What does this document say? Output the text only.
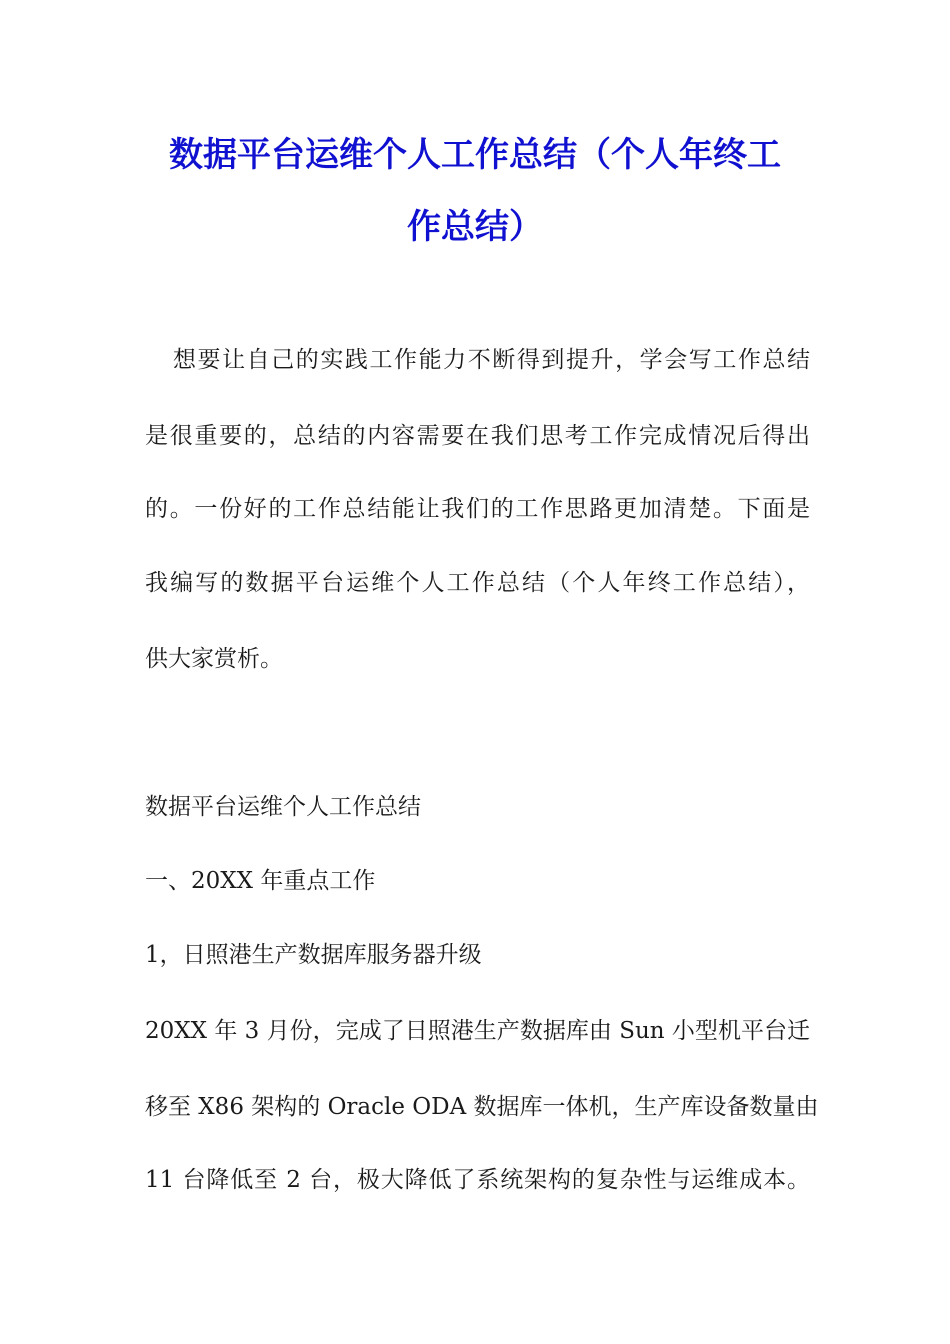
数据平台运维个人工作总结（个人年终工
作总结）
想要让自己的实践工作能力不断得到提升，学会写工作总结
是很重要的，总结的内容需要在我们思考工作完成情况后得出
的。一份好的工作总结能让我们的工作思路更加清楚。下面是
我编写的数据平台运维个人工作总结（个人年终工作总结），
供大家赏析。
数据平台运维个人工作总结
一、20XX 年重点工作
1，日照港生产数据库服务器升级
20XX 年 3 月份，完成了日照港生产数据库由 Sun 小型机平台迁
移至 X86 架构的 Oracle ODA 数据库一体机，生产库设备数量由
11 台降低至 2 台，极大降低了系统架构的复杂性与运维成本。
